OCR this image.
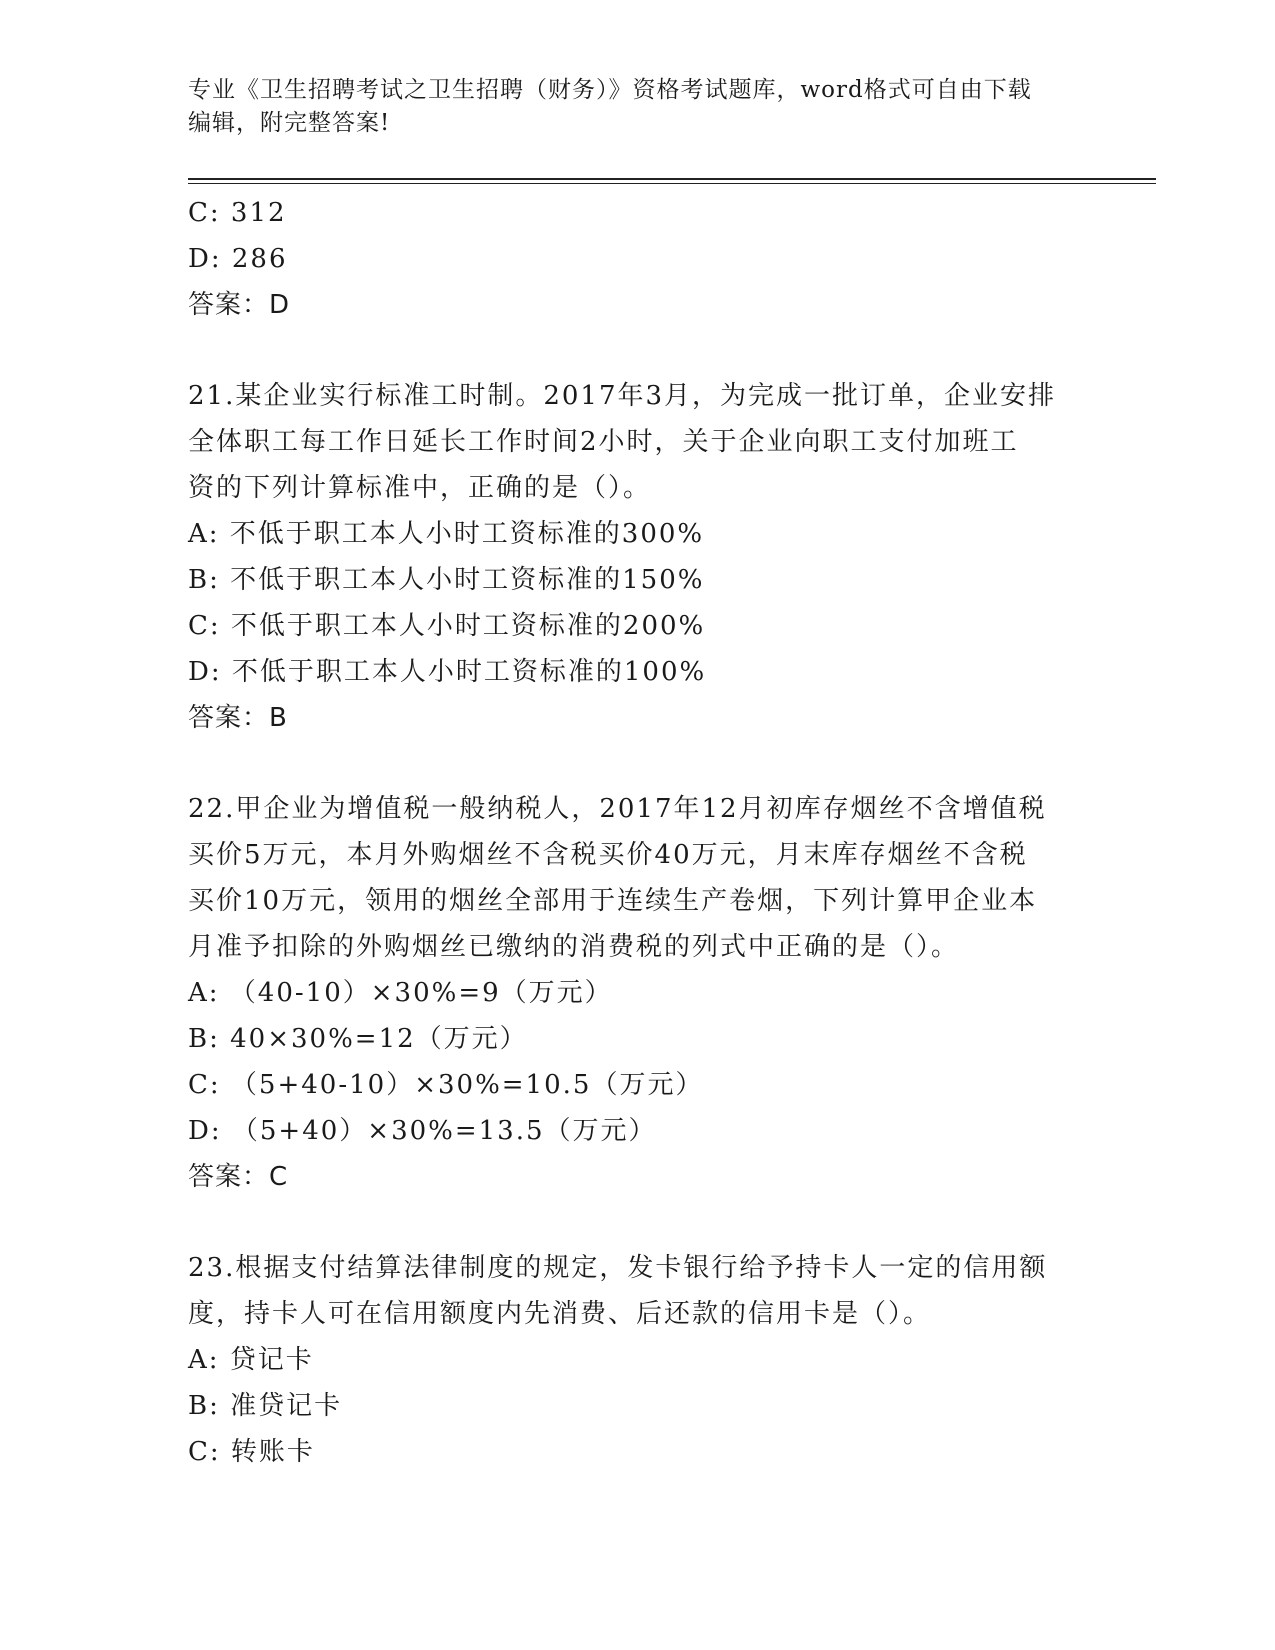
专业《卫生招聘考试之卫生招聘（财务）》资格考试题库，word格式可自由下载
编辑，附完整答案!
C: 312
D: 286
答案：D
21.某企业实行标准工时制。2017年3月，为完成一批订单，企业安排
全体职工每工作日延长工作时间2小时，关于企业向职工支付加班工
资的下列计算标准中，正确的是（）。
A: 不低于职工本人小时工资标准的300%
B: 不低于职工本人小时工资标准的150%
C: 不低于职工本人小时工资标准的200%
D: 不低于职工本人小时工资标准的100%
答案：B
22.甲企业为增值税一般纳税人，2017年12月初库存烟丝不含增值税
买价5万元，本月外购烟丝不含税买价40万元，月末库存烟丝不含税
买价10万元，领用的烟丝全部用于连续生产卷烟，下列计算甲企业本
月准予扣除的外购烟丝已缴纳的消费税的列式中正确的是（）。
A: （40-10）×30%=9（万元）
B: 40×30%=12（万元）
C: （5+40-10）×30%=10.5（万元）
D: （5+40）×30%=13.5（万元）
答案：C
23.根据支付结算法律制度的规定，发卡银行给予持卡人一定的信用额
度，持卡人可在信用额度内先消费、后还款的信用卡是（）。
A: 贷记卡
B: 准贷记卡
C: 转账卡
